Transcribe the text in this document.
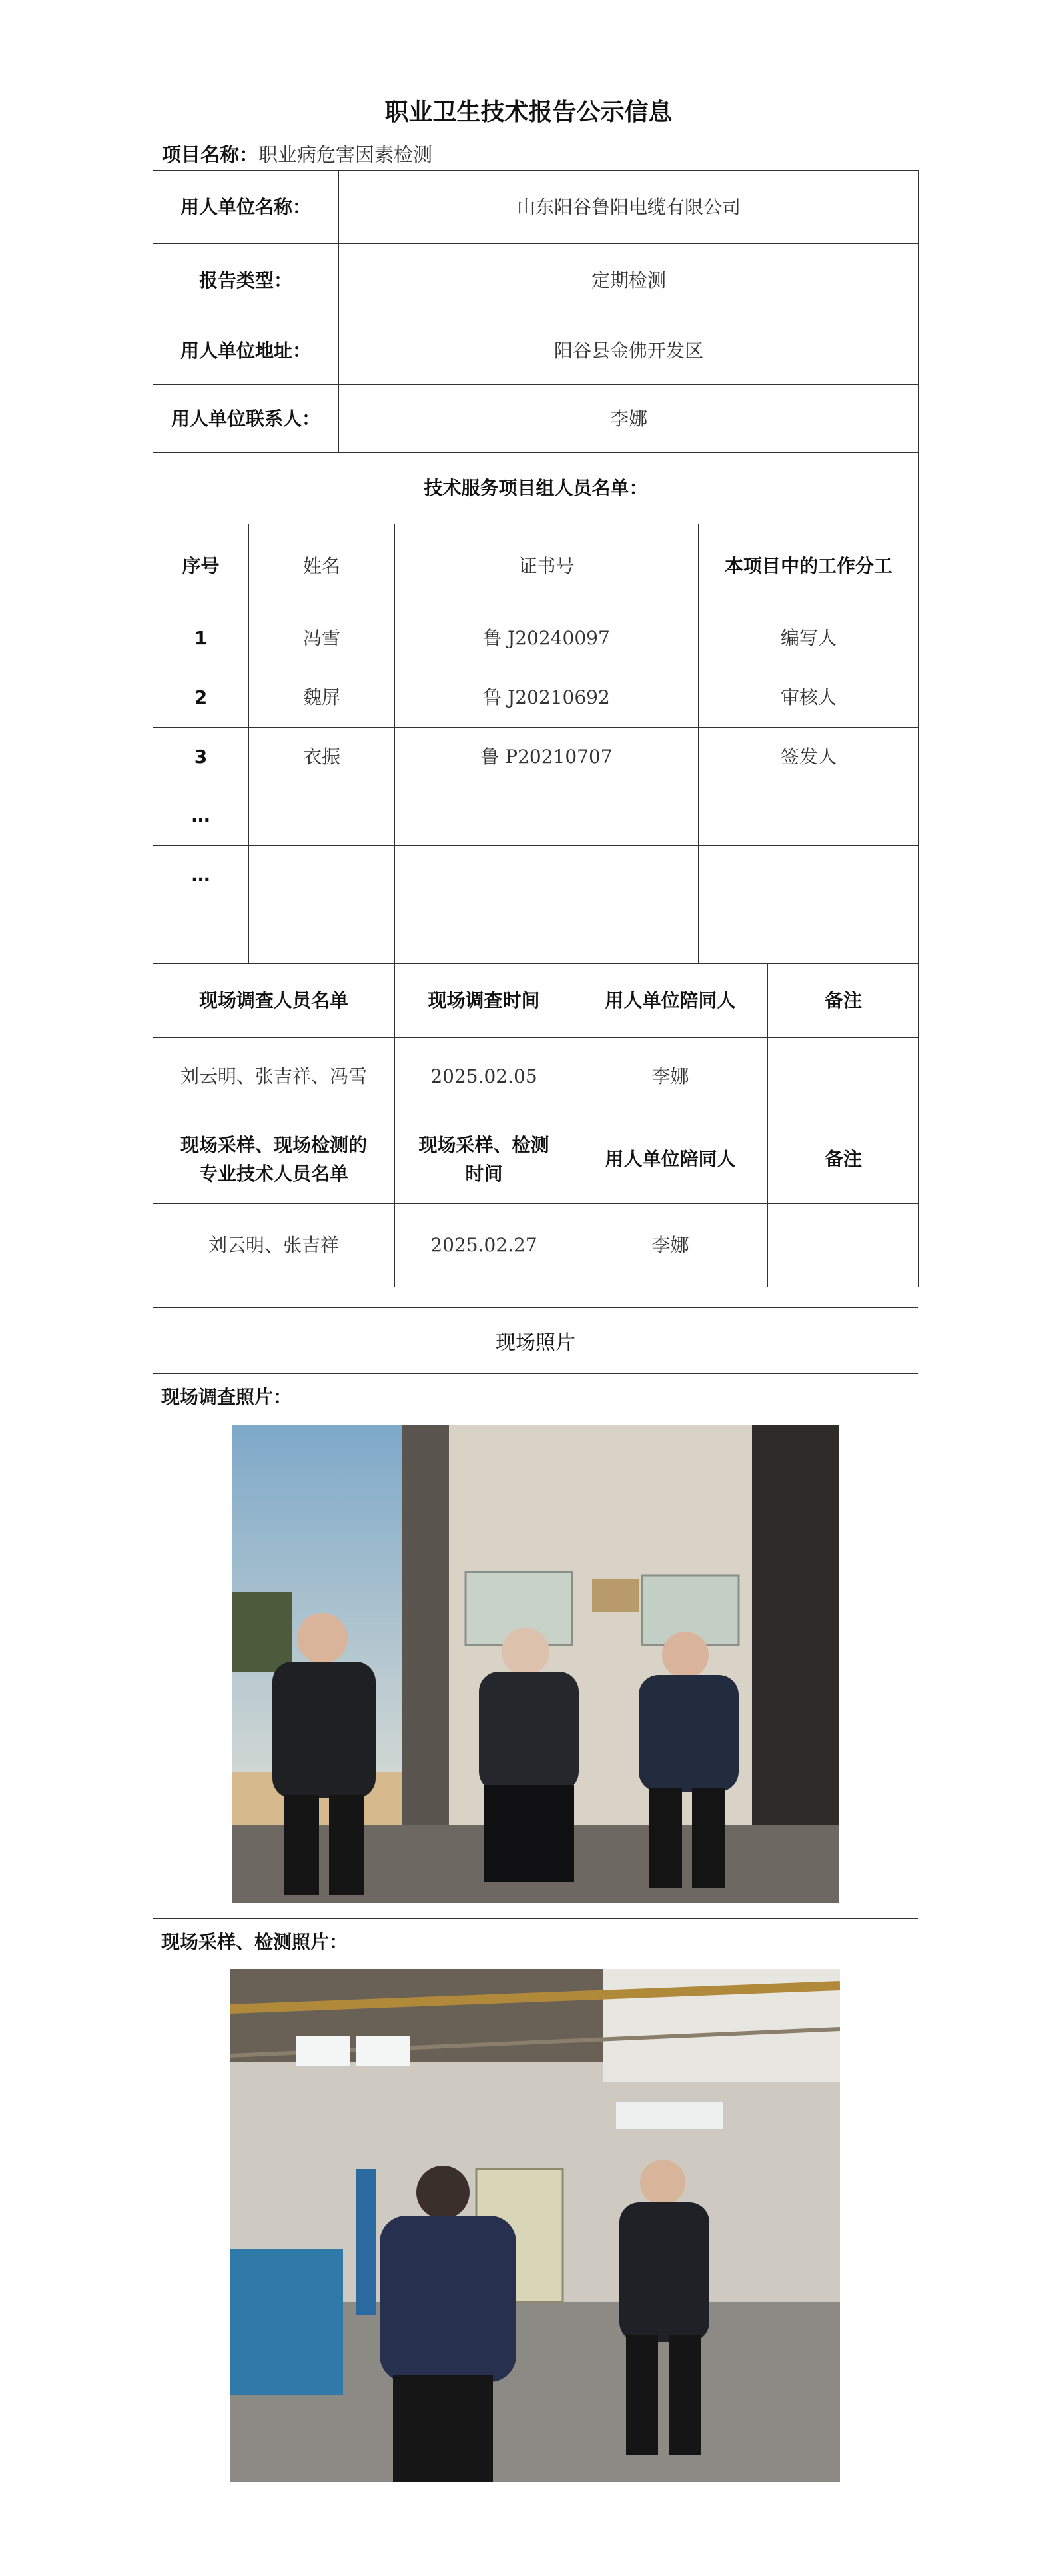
职业卫生技术报告公示信息
项目名称：职业病危害因素检测
用人单位名称：	山东阳谷鲁阳电缆有限公司
报告类型：	定期检测
用人单位地址：	阳谷县金佛开发区
用人单位联系人：	李娜
技术服务项目组人员名单：	
序号	姓名	证书号	本项目中的工作分工
1	冯雪	鲁 J20240097	编写人
2	魏屏	鲁 J20210692	审核人
3	衣振	鲁 P20210707	签发人
…			
…			

现场调查人员名单	现场调查时间	用人单位陪同人	备注
刘云明、张吉祥、冯雪	2025.02.05	李娜	
现场采样、现场检测的
专业技术人员名单	现场采样、检测
时间	用人单位陪同人	备注
刘云明、张吉祥	2025.02.27	李娜	
现场照片
现场调查照片：
现场采样、检测照片：
